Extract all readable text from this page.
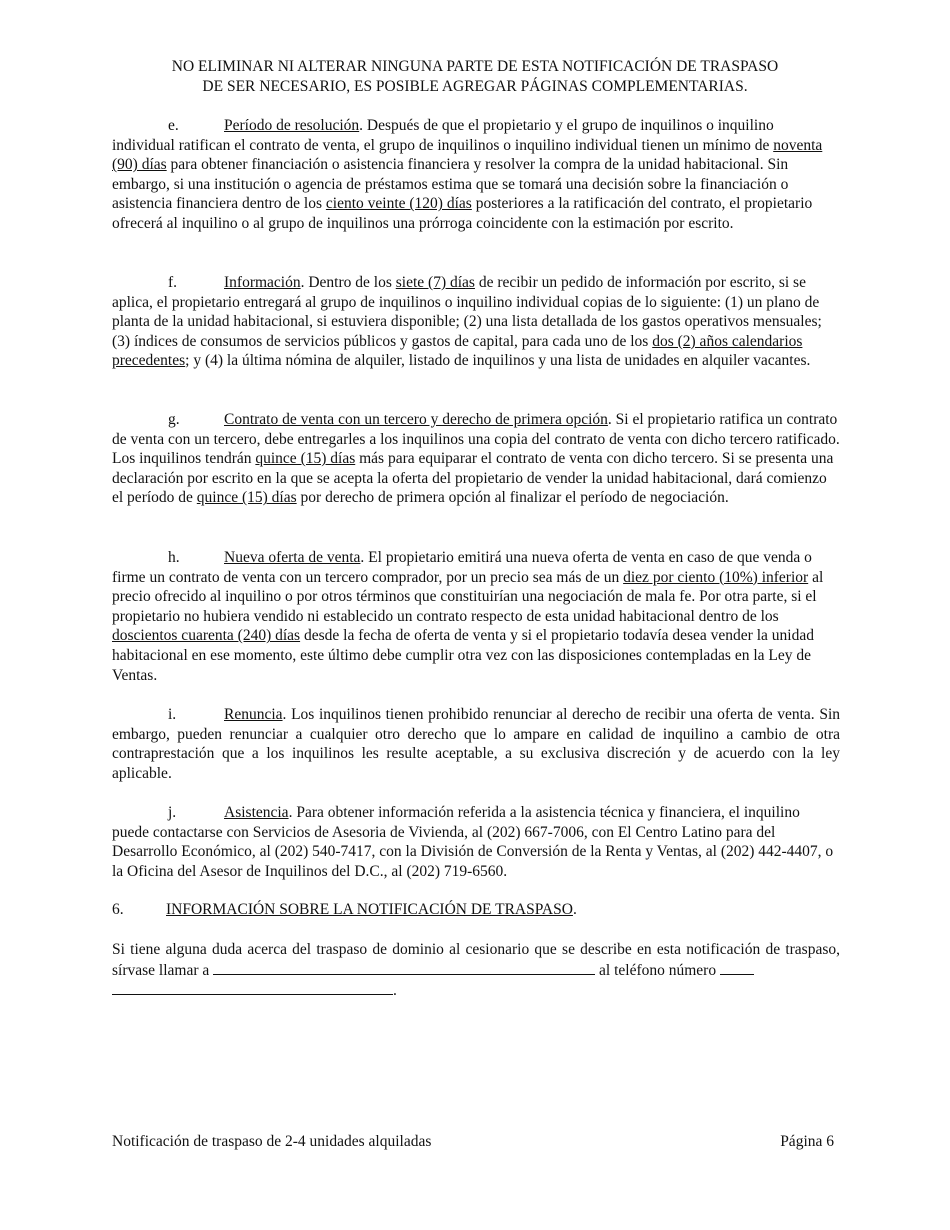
NO ELIMINAR NI ALTERAR NINGUNA PARTE DE ESTA NOTIFICACIÓN DE TRASPASO
DE SER NECESARIO, ES POSIBLE AGREGAR PÁGINAS COMPLEMENTARIAS.
e.	Período de resolución. Después de que el propietario y el grupo de inquilinos o inquilino individual ratifican el contrato de venta, el grupo de inquilinos o inquilino individual tienen un mínimo de noventa (90) días para obtener financiación o asistencia financiera y resolver la compra de la unidad habitacional. Sin embargo, si una institución o agencia de préstamos estima que se tomará una decisión sobre la financiación o asistencia financiera dentro de los ciento veinte (120) días posteriores a la ratificación del contrato, el propietario ofrecerá al inquilino o al grupo de inquilinos una prórroga coincidente con la estimación por escrito.
f.	Información. Dentro de los siete (7) días de recibir un pedido de información por escrito, si se aplica, el propietario entregará al grupo de inquilinos o inquilino individual copias de lo siguiente: (1) un plano de planta de la unidad habitacional, si estuviera disponible; (2) una lista detallada de los gastos operativos mensuales; (3) índices de consumos de servicios públicos y gastos de capital, para cada uno de los dos (2) años calendarios precedentes; y (4) la última nómina de alquiler, listado de inquilinos y una lista de unidades en alquiler vacantes.
g.	Contrato de venta con un tercero y derecho de primera opción. Si el propietario ratifica un contrato de venta con un tercero, debe entregarles a los inquilinos una copia del contrato de venta con dicho tercero ratificado. Los inquilinos tendrán quince (15) días más para equiparar el contrato de venta con dicho tercero. Si se presenta una declaración por escrito en la que se acepta la oferta del propietario de vender la unidad habitacional, dará comienzo el período de quince (15) días por derecho de primera opción al finalizar el período de negociación.
h.	Nueva oferta de venta. El propietario emitirá una nueva oferta de venta en caso de que venda o firme un contrato de venta con un tercero comprador, por un precio sea más de un diez por ciento (10%) inferior al precio ofrecido al inquilino o por otros términos que constituirían una negociación de mala fe. Por otra parte, si el propietario no hubiera vendido ni establecido un contrato respecto de esta unidad habitacional dentro de los doscientos cuarenta (240) días desde la fecha de oferta de venta y si el propietario todavía desea vender la unidad habitacional en ese momento, este último debe cumplir otra vez con las disposiciones contempladas en la Ley de Ventas.
i.	Renuncia. Los inquilinos tienen prohibido renunciar al derecho de recibir una oferta de venta. Sin embargo, pueden renunciar a cualquier otro derecho que lo ampare en calidad de inquilino a cambio de otra contraprestación que a los inquilinos les resulte aceptable, a su exclusiva discreción y de acuerdo con la ley aplicable.
j.	Asistencia. Para obtener información referida a la asistencia técnica y financiera, el inquilino puede contactarse con Servicios de Asesoria de Vivienda, al (202) 667-7006, con El Centro Latino para del Desarrollo Económico, al (202) 540-7417, con la División de Conversión de la Renta y Ventas, al (202) 442-4407, o la Oficina del Asesor de Inquilinos del D.C., al (202) 719-6560.
6.	INFORMACIÓN SOBRE LA NOTIFICACIÓN DE TRASPASO.
Si tiene alguna duda acerca del traspaso de dominio al cesionario que se describe en esta notificación de traspaso, sírvase llamar a	al teléfono número
.
Notificación de traspaso de 2-4 unidades alquiladas	Página 6
